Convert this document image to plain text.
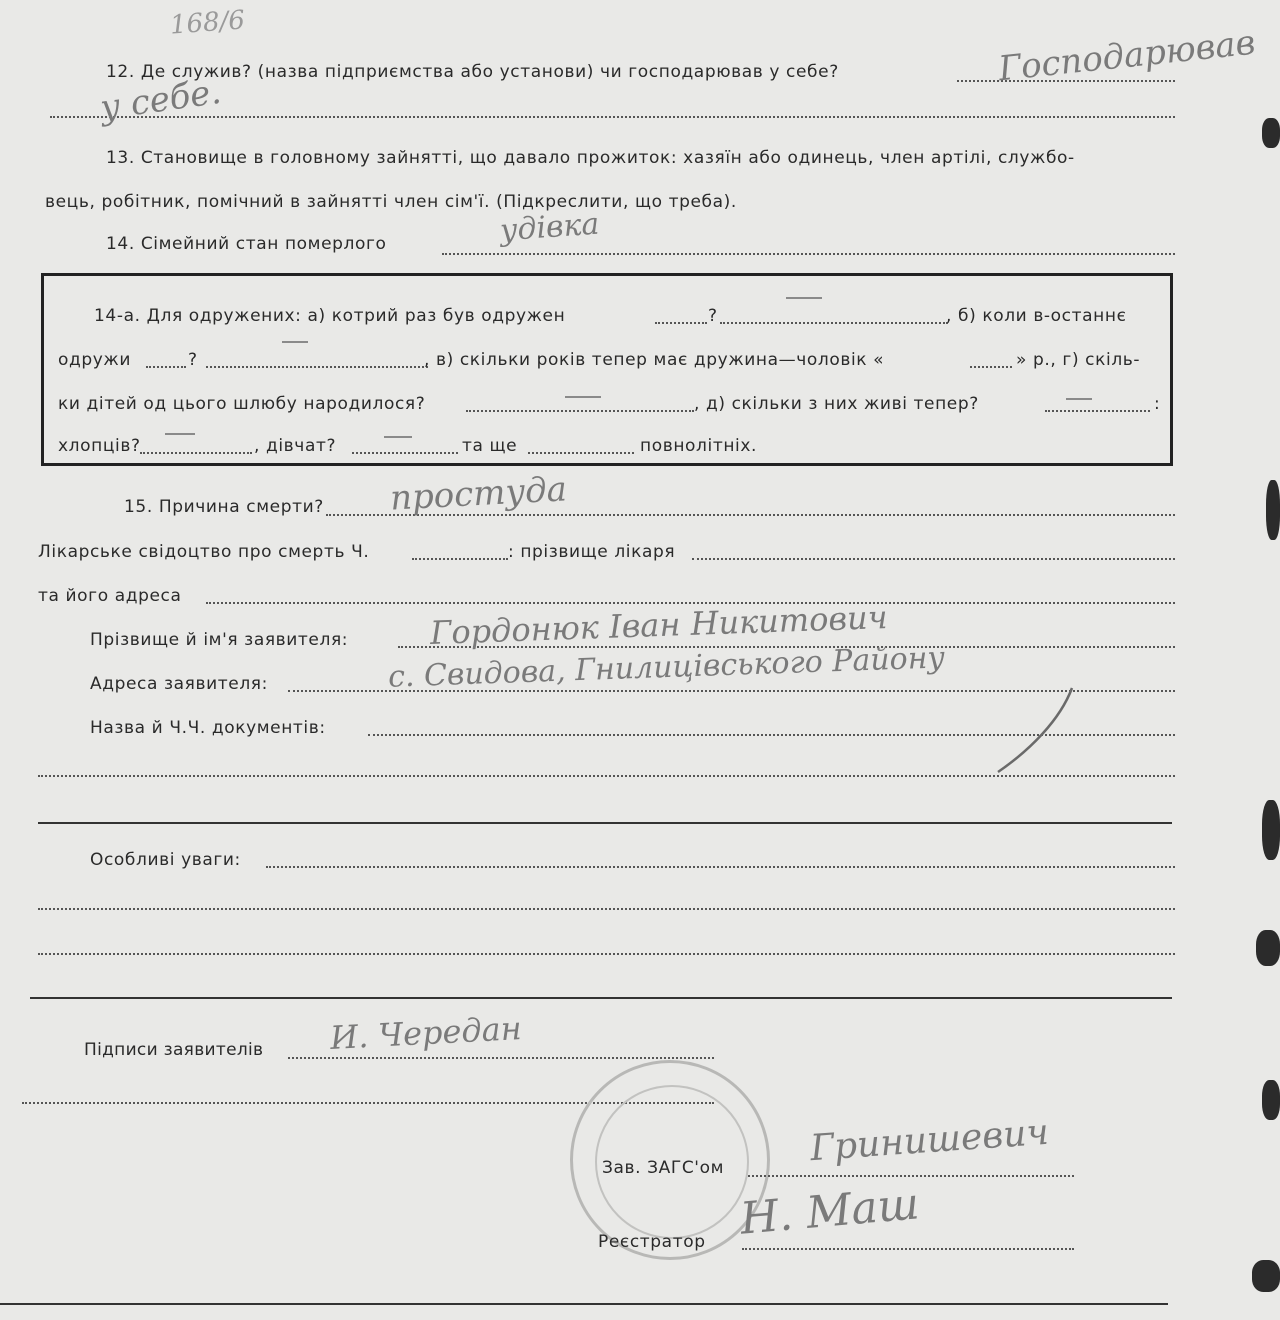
168/6
12. Де служив? (назва підприємства або установи) чи господарював у себе?	Господарював
у себе.
13. Становище в головному зайнятті, що давало прожиток: хазяїн або одинець, член артілі, службо-
вець, робітник, помічний в зайнятті член сім'ї. (Підкреслити, що треба).
14. Сімейний стан померлого	удівка
14-а. Для одружених: а) котрий раз був одружен	?	, б) коли в-останнє
одружи	?	, в) скільки років тепер має дружина—чоловік «	» р., г) скіль-
ки дітей од цього шлюбу народилося?	, д) скільки з них живі тепер?	:
хлопців?	, дівчат?	та ще	повнолітніх.
15. Причина смерти? простуда
Лікарське свідоцтво про смерть Ч.	: прізвище лікаря
та його адреса
Прізвище й ім'я заявителя:	Гордонюк Іван Никитович
Адреса заявителя:	с. Свидова, Гнилицівського Району
Назва й Ч.Ч. документів:
Особливі уваги:
Підписи заявителів И. Чередан
Зав. ЗАГС'ом Гринишевич
Реєстратор Н. Маш
